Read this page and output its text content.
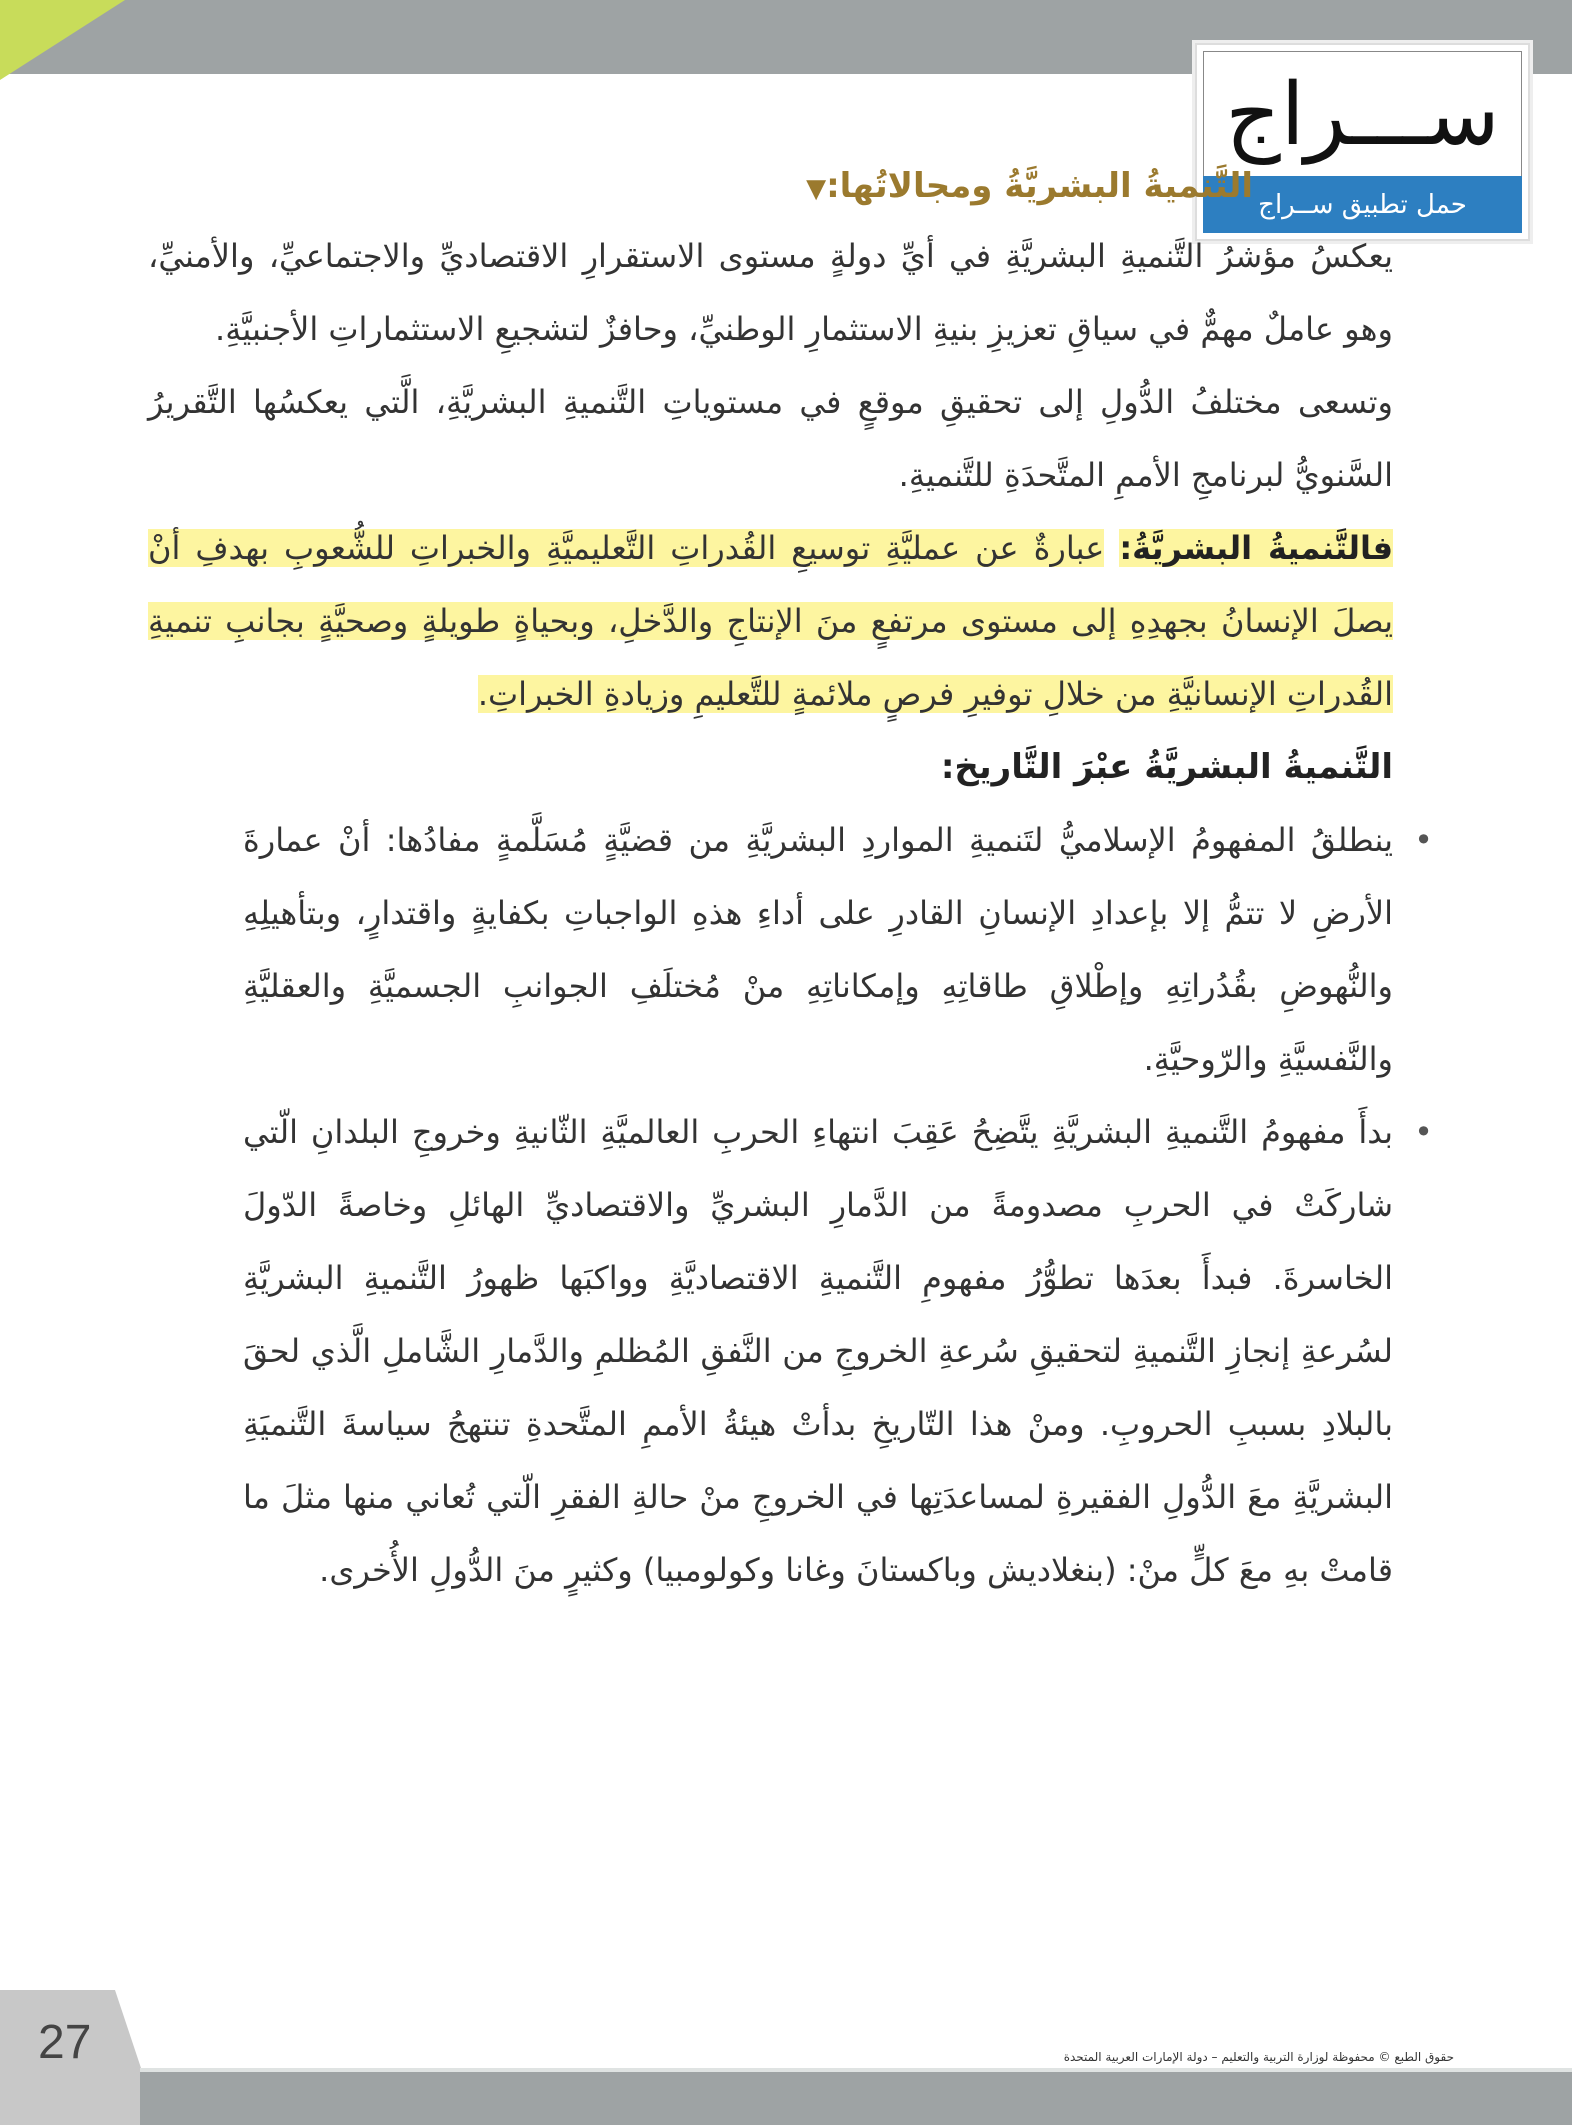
ســـراج
حمل تطبيق ســراج
التَّنميةُ البشريَّةُ ومجالاتُها:▼

يعكسُ مؤشرُ التَّنميةِ البشريَّةِ في أيِّ دولةٍ مستوى الاستقرارِ الاقتصاديِّ والاجتماعيِّ، والأمنيِّ، وهو عاملٌ مهمٌّ في سياقِ تعزيزِ بنيةِ الاستثمارِ الوطنيِّ، وحافزٌ لتشجيعِ الاستثماراتِ الأجنبيَّةِ.

وتسعى مختلفُ الدُّولِ إلى تحقيقِ موقعٍ في مستوياتِ التَّنميةِ البشريَّةِ، الَّتي يعكسُها التَّقريرُ السَّنويُّ لبرنامجِ الأممِ المتَّحدَةِ للتَّنميةِ.

فالتَّنميةُ البشريَّةُ: عبارةٌ عن عمليَّةِ توسيعِ القُدراتِ التَّعليميَّةِ والخبراتِ للشُّعوبِ بهدفِ أنْ يصلَ الإنسانُ بجهدِهِ إلى مستوى مرتفعٍ منَ الإنتاجِ والدَّخلِ، وبحياةٍ طويلةٍ وصحيَّةٍ بجانبِ تنميةِ القُدراتِ الإنسانيَّةِ من خلالِ توفيرِ فرصٍ ملائمةٍ للتَّعليمِ وزيادةِ الخبراتِ.

التَّنميةُ البشريَّةُ عبْرَ التَّاريخ:
• ينطلقُ المفهومُ الإسلاميُّ لتَنميةِ المواردِ البشريَّةِ من قضيَّةٍ مُسَلَّمةٍ مفادُها: أنْ عمارةَ الأرضِ لا تتمُّ إلا بإعدادِ الإنسانِ القادرِ على أداءِ هذهِ الواجباتِ بكفايةٍ واقتدارٍ، وبتأهيلِهِ والنُّهوضِ بقُدُراتِهِ وإطْلاقِ طاقاتِهِ وإمكاناتِهِ منْ مُختلَفِ الجوانبِ الجسميَّةِ والعقليَّةِ والنَّفسيَّةِ والرّوحيَّةِ.
• بدأَ مفهومُ التَّنميةِ البشريَّةِ يتَّضِحُ عَقِبَ انتهاءِ الحربِ العالميَّةِ الثّانيةِ وخروجِ البلدانِ الّتي شاركَتْ في الحربِ مصدومةً من الدَّمارِ البشريِّ والاقتصاديِّ الهائلِ وخاصةً الدّولَ الخاسرةَ. فبدأَ بعدَها تطوُّرُ مفهومِ التَّنميةِ الاقتصاديَّةِ وواكبَها ظهورُ التَّنميةِ البشريَّةِ لسُرعةِ إنجازِ التَّنميةِ لتحقيقِ سُرعةِ الخروجِ من النَّفقِ المُظلمِ والدَّمارِ الشَّاملِ الَّذي لحقَ بالبلادِ بسببِ الحروبِ. ومنْ هذا التّاريخِ بدأتْ هيئةُ الأممِ المتَّحدةِ تنتهجُ سياسةَ التَّنميَةِ البشريَّةِ معَ الدُّولِ الفقيرةِ لمساعدَتِها في الخروجِ منْ حالةِ الفقرِ الّتي تُعاني منها مثلَ ما قامتْ بهِ معَ كلٍّ منْ: (بنغلاديش وباكستانَ وغانا وكولومبيا) وكثيرٍ منَ الدُّولِ الأُخرى.
27	حقوق الطبع © محفوظة لوزارة التربية والتعليم – دولة الإمارات العربية المتحدة
